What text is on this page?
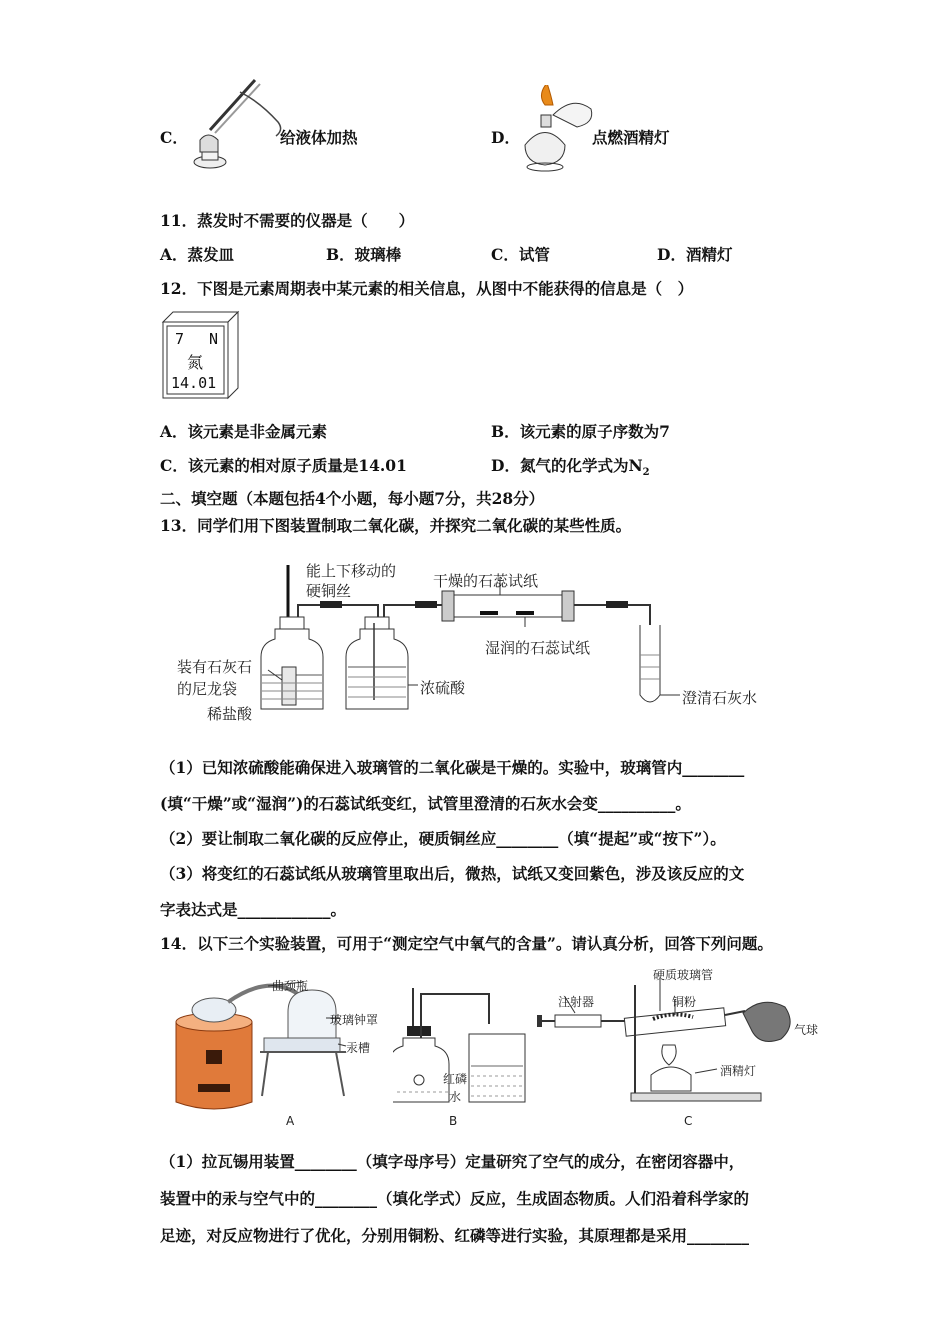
C．	给液体加热	D．	点燃酒精灯
11．蒸发时不需要的仪器是（　　）
A．蒸发皿	B．玻璃棒	C．试管	D．酒精灯
12．下图是元素周期表中某元素的相关信息，从图中不能获得的信息是（　）
7 N
氮
14.01
A．该元素是非金属元素	B．该元素的原子序数为7
C．该元素的相对原子质量是14.01	D．氮气的化学式为$N_2$
二、填空题（本题包括4个小题，每小题7分，共28分）
13．同学们用下图装置制取二氧化碳，并探究二氧化碳的某些性质。
能上下移动的
硬铜丝
干燥的石蕊试纸
湿润的石蕊试纸
装有石灰石
的尼龙袋
稀盐酸
浓硫酸
澄清石灰水
（1）已知浓硫酸能确保进入玻璃管的二氧化碳是干燥的。实验中，玻璃管内________
(填“干燥”或“湿润”)的石蕊试纸变红，试管里澄清的石灰水会变__________。
（2）要让制取二氧化碳的反应停止，硬质铜丝应________（填“提起”或“按下”）。
（3）将变红的石蕊试纸从玻璃管里取出后，微热，试纸又变回紫色，涉及该反应的文
字表达式是____________。
14．以下三个实验装置，可用于“测定空气中氧气的含量”。请认真分析，回答下列问题。
曲颈瓶
玻璃钟罩
汞槽
A
红磷
水
B
注射器
硬质玻璃管
铜粉
气球
酒精灯
C
（1）拉瓦锡用装置________（填字母序号）定量研究了空气的成分，在密闭容器中，
装置中的汞与空气中的________（填化学式）反应，生成固态物质。人们沿着科学家的
足迹，对反应物进行了优化，分别用铜粉、红磷等进行实验，其原理都是采用________
